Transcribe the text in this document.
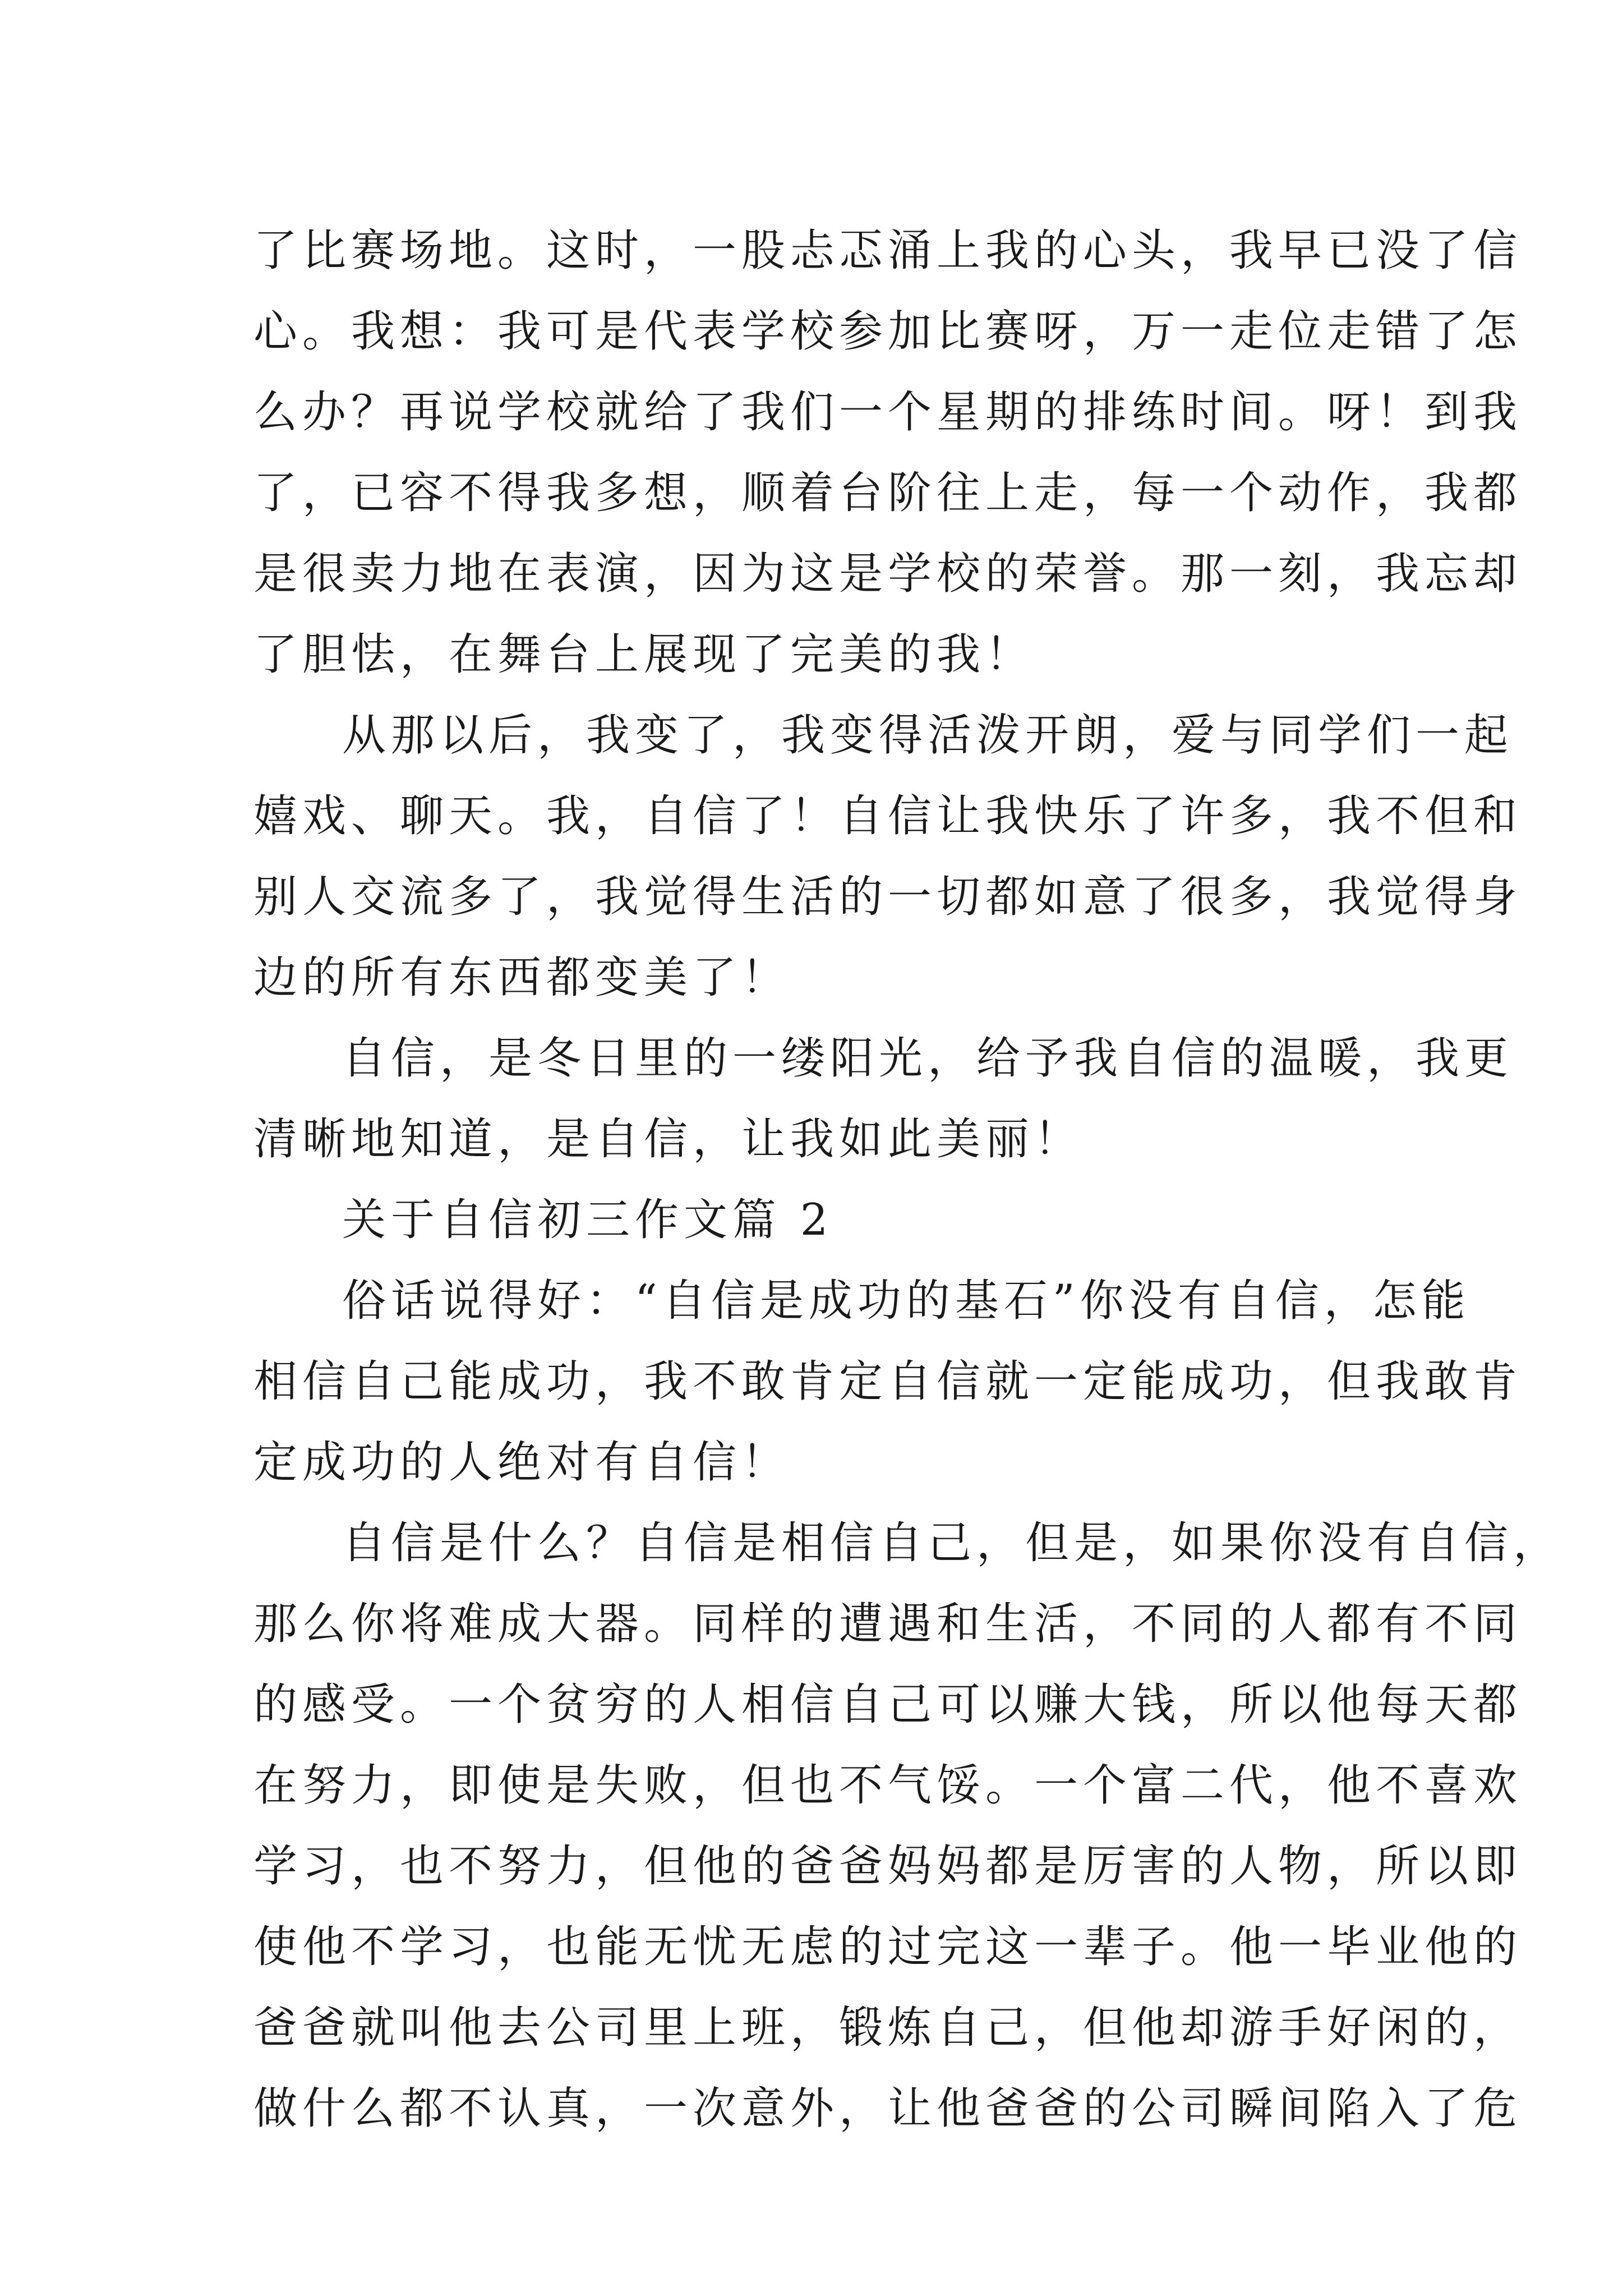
了比赛场地。这时，一股忐忑涌上我的心头，我早已没了信
心。我想：我可是代表学校参加比赛呀，万一走位走错了怎
么办？再说学校就给了我们一个星期的排练时间。呀！到我
了，已容不得我多想，顺着台阶往上走，每一个动作，我都
是很卖力地在表演，因为这是学校的荣誉。那一刻，我忘却
了胆怯，在舞台上展现了完美的我！
从那以后，我变了，我变得活泼开朗，爱与同学们一起
嬉戏、聊天。我，自信了！自信让我快乐了许多，我不但和
别人交流多了，我觉得生活的一切都如意了很多，我觉得身
边的所有东西都变美了！
自信，是冬日里的一缕阳光，给予我自信的温暖，我更
清晰地知道，是自信，让我如此美丽！
关于自信初三作文篇 2
俗话说得好：“自信是成功的基石”你没有自信，怎能
相信自己能成功，我不敢肯定自信就一定能成功，但我敢肯
定成功的人绝对有自信！
自信是什么？自信是相信自己，但是，如果你没有自信，
那么你将难成大器。同样的遭遇和生活，不同的人都有不同
的感受。一个贫穷的人相信自己可以赚大钱，所以他每天都
在努力，即使是失败，但也不气馁。一个富二代，他不喜欢
学习，也不努力，但他的爸爸妈妈都是厉害的人物，所以即
使他不学习，也能无忧无虑的过完这一辈子。他一毕业他的
爸爸就叫他去公司里上班，锻炼自己，但他却游手好闲的，
做什么都不认真，一次意外，让他爸爸的公司瞬间陷入了危
